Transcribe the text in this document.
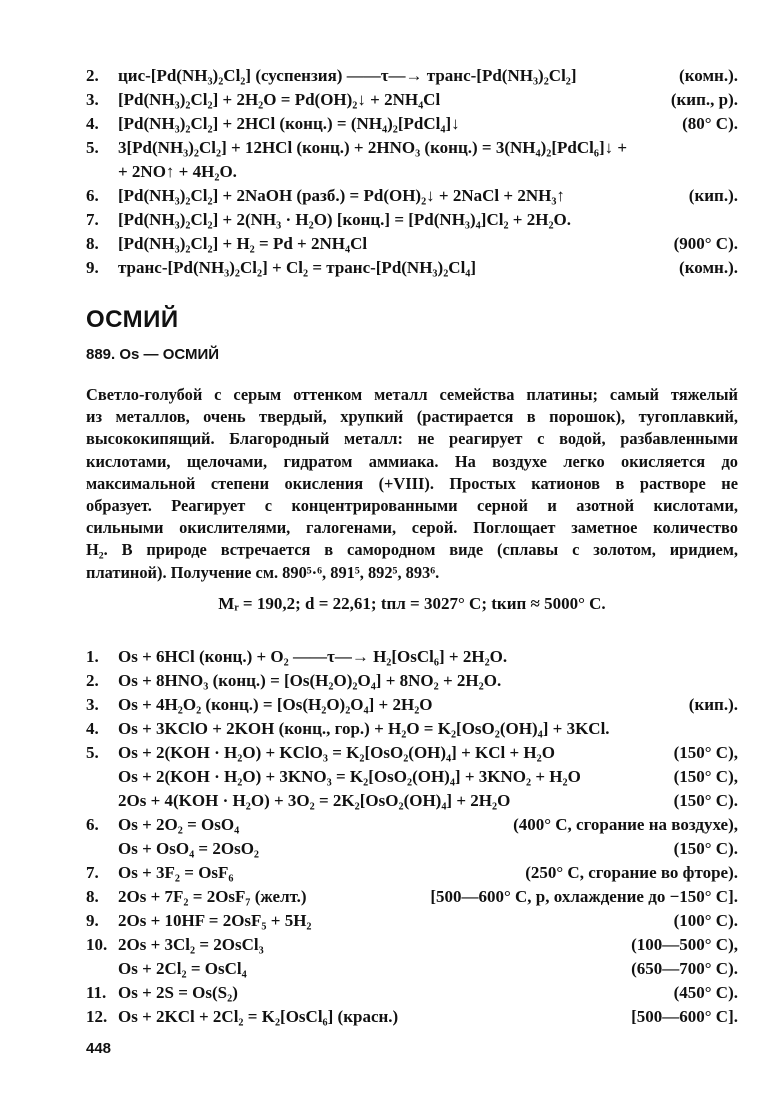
2. цис-[Pd(NH₃)₂Cl₂] (суспензия) ——τ—→ транс-[Pd(NH₃)₂Cl₂]	(комн.).
3. [Pd(NH₃)₂Cl₂] + 2H₂O = Pd(OH)₂↓ + 2NH₄Cl	(кип., р).
4. [Pd(NH₃)₂Cl₂] + 2HCl (конц.) = (NH₄)₂[PdCl₄]↓	(80° C).
5. 3[Pd(NH₃)₂Cl₂] + 12HCl (конц.) + 2HNO₃ (конц.) = 3(NH₄)₂[PdCl₆]↓ +
+ 2NO↑ + 4H₂O.
6. [Pd(NH₃)₂Cl₂] + 2NaOH (разб.) = Pd(OH)₂↓ + 2NaCl + 2NH₃↑	(кип.).
7. [Pd(NH₃)₂Cl₂] + 2(NH₃ · H₂O) [конц.] = [Pd(NH₃)₄]Cl₂ + 2H₂O.
8. [Pd(NH₃)₂Cl₂] + H₂ = Pd + 2NH₄Cl	(900° C).
9. транс-[Pd(NH₃)₂Cl₂] + Cl₂ = транс-[Pd(NH₃)₂Cl₄]	(комн.).
ОСМИЙ
889. Os — ОСМИЙ
Светло-голубой с серым оттенком металл семейства платины; самый тяжелый
из металлов, очень твердый, хрупкий (растирается в порошок), тугоплавкий,
высококипящий. Благородный металл: не реагирует с водой, разбавленными
кислотами, щелочами, гидратом аммиака. На воздухе легко окисляется до
максимальной степени окисления (+VIII). Простых катионов в растворе не
образует. Реагирует с концентрированными серной и азотной кислотами,
сильными окислителями, галогенами, серой. Поглощает заметное количество
H₂. В природе встречается в самородном виде (сплавы с золотом, иридием,
платиной). Получение см. 890⁵·⁶, 891⁵, 892⁵, 893⁶.
Mᵣ = 190,2; d = 22,61; tпл = 3027° C; tкип ≈ 5000° C.
1. Os + 6HCl (конц.) + O₂ ——τ—→ H₂[OsCl₆] + 2H₂O.
2. Os + 8HNO₃ (конц.) = [Os(H₂O)₂O₄] + 8NO₂ + 2H₂O.
3. Os + 4H₂O₂ (конц.) = [Os(H₂O)₂O₄] + 2H₂O	(кип.).
4. Os + 3KClO + 2KOH (конц., гор.) + H₂O = K₂[OsO₂(OH)₄] + 3KCl.
5. Os + 2(KOH · H₂O) + KClO₃ = K₂[OsO₂(OH)₄] + KCl + H₂O	(150° C),
Os + 2(KOH · H₂O) + 3KNO₃ = K₂[OsO₂(OH)₄] + 3KNO₂ + H₂O	(150° C),
2Os + 4(KOH · H₂O) + 3O₂ = 2K₂[OsO₂(OH)₄] + 2H₂O	(150° C).
6. Os + 2O₂ = OsO₄	(400° C, сгорание на воздухе),
Os + OsO₄ = 2OsO₂	(150° C).
7. Os + 3F₂ = OsF₆	(250° C, сгорание во фторе).
8. 2Os + 7F₂ = 2OsF₇ (желт.)	[500—600° C, р, охлаждение до −150° C].
9. 2Os + 10HF = 2OsF₅ + 5H₂	(100° C).
10. 2Os + 3Cl₂ = 2OsCl₃	(100—500° C),
Os + 2Cl₂ = OsCl₄	(650—700° C).
11. Os + 2S = Os(S₂)	(450° C).
12. Os + 2KCl + 2Cl₂ = K₂[OsCl₆] (красн.)	[500—600° C].
448
